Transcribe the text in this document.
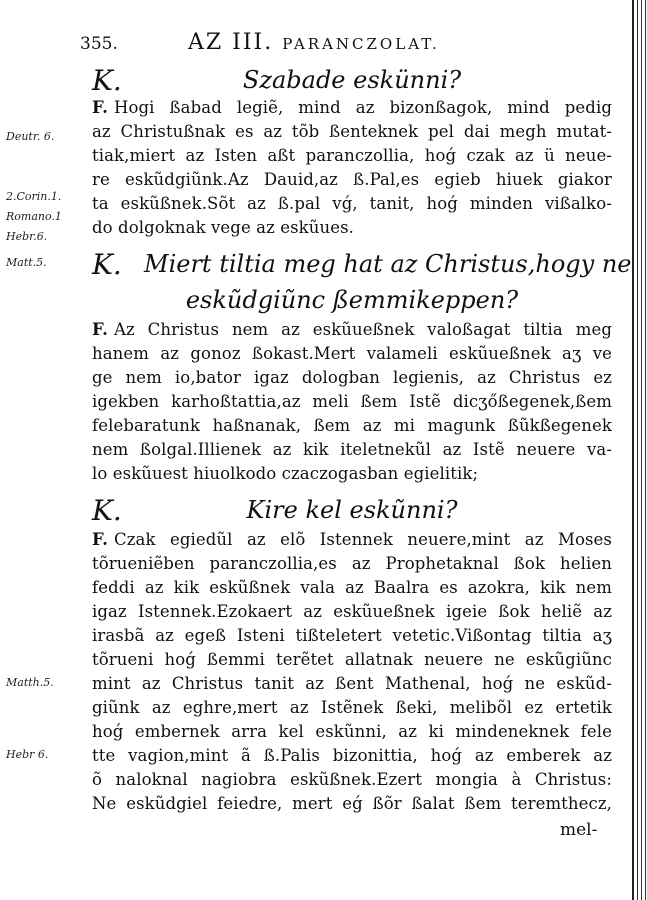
355.	AZ III. PARANCZOLAT.
Deutr. 6.
2.Corin.1.
Romano.1
Hebr.6.
Matt.5.
Matth.5.
Hebr 6.
K.	Szabade eskünni?
F. Hogi ßabad legiẽ, mind az bizonßagok, mind pedig
az Christußnak es az tõb ßenteknek pel dai megh mutat-
tiak,miert az Isten aßt paranczollia, hoǵ czak az ü neue-
re eskũdgiũnk.Az Dauid,az ß.Pal,es egieb hiuek giakor
ta eskũßnek.Sõt az ß.pal vǵ, tanit, hoǵ minden vißalko-
do dolgoknak vege az eskũues.
K. Miert tiltia meg hat az Christus,hogy ne
eskũdgiũnc ßemmikeppen?
F. Az Christus nem az eskũueßnek valoßagat tiltia meg
hanem az gonoz ßokast.Mert valameli eskũueßnek aʒ ve
ge nem io,bator igaz dologban legienis, az Christus ez
igekben karhoßtattia,az meli ßem Istẽ dicʒőßegenek,ßem
felebaratunk haßnanak, ßem az mi magunk ßũkßegenek
nem ßolgal.Illienek az kik iteletnekũl az Istẽ neuere va-
lo eskũuest hiuolkodo czaczogasban egielitik;
K.	Kire kel eskũnni?
F. Czak egiedũl az elõ Istennek neuere,mint az Moses
tõrueniẽben paranczollia,es az Prophetaknal ßok helien
feddi az kik eskũßnek vala az Baalra es azokra, kik nem
igaz Istennek.Ezokaert az eskũueßnek igeie ßok heliẽ az
irasbã az egeß Isteni tißteletert vetetic.Vißontag tiltia aʒ
tõrueni hoǵ ßemmi terẽtet allatnak neuere ne eskũgiũnc
mint az Christus tanit az ßent Mathenal, hoǵ ne eskũd-
giũnk az eghre,mert az Istẽnek ßeki, melibõl ez ertetik
hoǵ embernek arra kel eskũnni, az ki mindeneknek fele
tte vagion,mint ã ß.Palis bizonittia, hoǵ az emberek az
õ naloknal nagiobra eskũßnek.Ezert mongia à Christus:
Ne eskũdgiel feiedre, mert eǵ ßõr ßalat ßem teremthecz,
mel-
